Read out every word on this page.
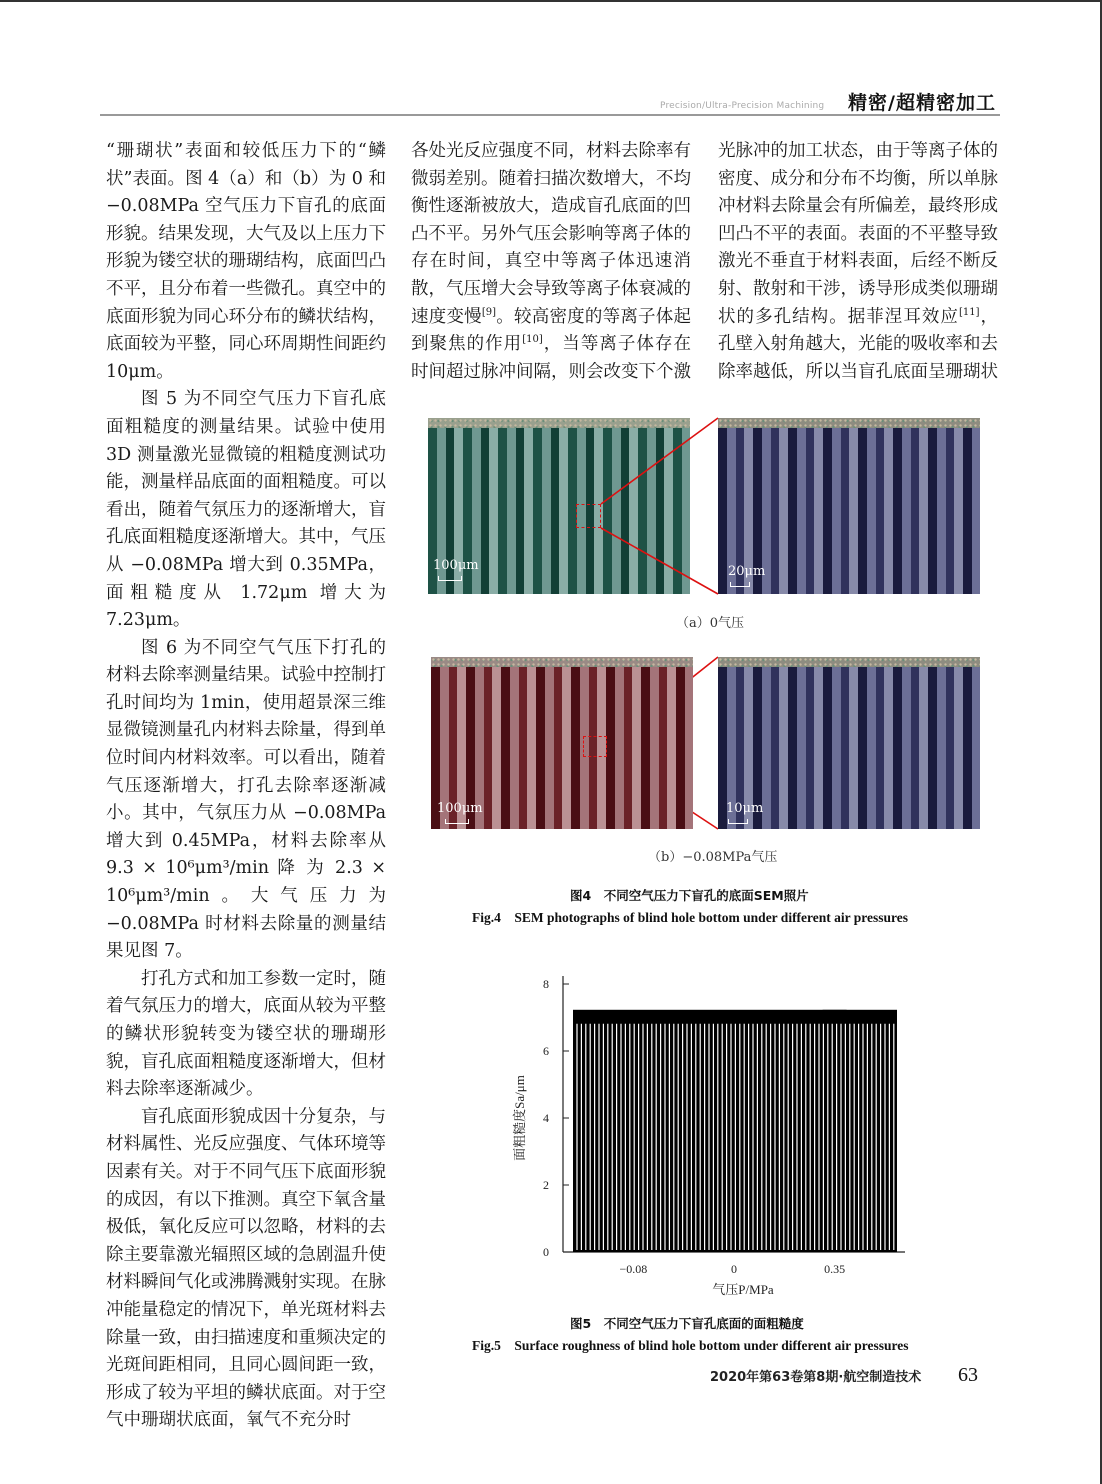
Precision/Ultra-Precision Machining 精密/超精密加工

“珊瑚状”表面和较低压力下的“鳞状”表面。图 4（a）和（b）为 0 和 −0.08MPa 空气压力下盲孔的底面形貌。结果发现，大气及以上压力下形貌为镂空状的珊瑚结构，底面凹凸不平，且分布着一些微孔。真空中的底面形貌为同心环分布的鳞状结构，底面较为平整，同心环周期性间距约 10μm。

图 5 为不同空气压力下盲孔底面粗糙度的测量结果。试验中使用 3D 测量激光显微镜的粗糙度测试功能，测量样品底面的面粗糙度。可以看出，随着气氛压力的逐渐增大，盲孔底面粗糙度逐渐增大。其中，气压从 −0.08MPa 增大到 0.35MPa，面粗糙度从 1.72μm 增大为 7.23μm。

图 6 为不同空气气压下打孔的材料去除率测量结果。试验中控制打孔时间均为 1min，使用超景深三维显微镜测量孔内材料去除量，得到单位时间内材料效率。可以看出，随着气压逐渐增大，打孔去除率逐渐减小。其中，气氛压力从 −0.08MPa 增大到 0.45MPa，材料去除率从 9.3 × 10⁶μm³/min 降 为 2.3 × 10⁶μm³/min。大气压力为 −0.08MPa 时材料去除量的测量结果见图 7。

打孔方式和加工参数一定时，随着气氛压力的增大，底面从较为平整的鳞状形貌转变为镂空状的珊瑚形貌，盲孔底面粗糙度逐渐增大，但材料去除率逐渐减少。

盲孔底面形貌成因十分复杂，与材料属性、光反应强度、气体环境等因素有关。对于不同气压下底面形貌的成因，有以下推测。真空下氧含量极低，氧化反应可以忽略，材料的去除主要靠激光辐照区域的急剧温升使材料瞬间气化或沸腾溅射实现。在脉冲能量稳定的情况下，单光斑材料去除量一致，由扫描速度和重频决定的光斑间距相同，且同心圆间距一致，形成了较为平坦的鳞状底面。对于空气中珊瑚状底面，氧气不充分时

各处光反应强度不同，材料去除率有微弱差别。随着扫描次数增大，不均衡性逐渐被放大，造成盲孔底面的凹凸不平。另外气压会影响等离子体的存在时间，真空中等离子体迅速消散，气压增大会导致等离子体衰减的速度变慢[9]。较高密度的等离子体起到聚焦的作用[10]，当等离子体存在时间超过脉冲间隔，则会改变下个激

光脉冲的加工状态，由于等离子体的密度、成分和分布不均衡，所以单脉冲材料去除量会有所偏差，最终形成凹凸不平的表面。表面的不平整导致激光不垂直于材料表面，后经不断反射、散射和干涉，诱导形成类似珊瑚状的多孔结构。据菲涅耳效应[11]，孔壁入射角越大，光能的吸收率和去除率越低，所以当盲孔底面呈珊瑚状

100μm	20μm
（a）0气压
100μm	10μm
（b）−0.08MPa气压
图4　不同空气压力下盲孔的底面SEM照片
Fig.4　SEM photographs of blind hole bottom under different air pressures
0
2
4
6
8
−0.08	0	0.35
气压P/MPa
面粗糙度Sa/μm
图5　不同空气压力下盲孔底面的面粗糙度
Fig.5　Surface roughness of blind hole bottom under different air pressures
2020年第63卷第8期·航空制造技术 63
